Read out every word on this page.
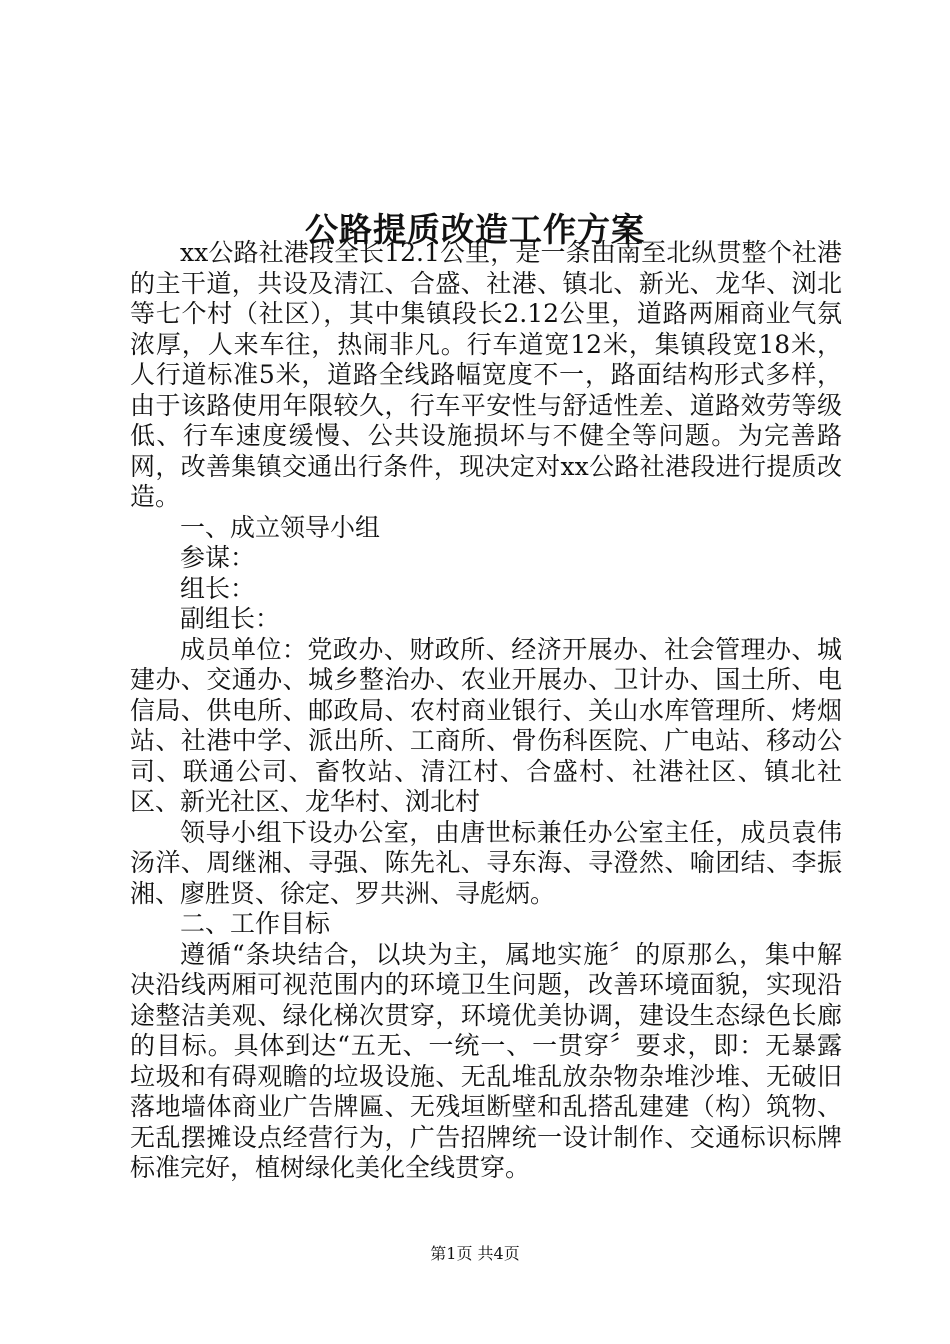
公路提质改造工作方案

xx公路社港段全长12.1公里，是一条由南至北纵贯整个社港的主干道，共设及清江、合盛、社港、镇北、新光、龙华、浏北等七个村（社区），其中集镇段长2.12公里，道路两厢商业气氛浓厚，人来车往，热闹非凡。行车道宽12米，集镇段宽18米，人行道标准5米，道路全线路幅宽度不一，路面结构形式多样，由于该路使用年限较久，行车平安性与舒适性差、道路效劳等级低、行车速度缓慢、公共设施损坏与不健全等问题。为完善路网，改善集镇交通出行条件，现决定对xx公路社港段进行提质改造。

一、成立领导小组

参谋：

组长：

副组长：

成员单位：党政办、财政所、经济开展办、社会管理办、城建办、交通办、城乡整治办、农业开展办、卫计办、国土所、电信局、供电所、邮政局、农村商业银行、关山水库管理所、烤烟站、社港中学、派出所、工商所、骨伤科医院、广电站、移动公司、联通公司、畜牧站、清江村、合盛村、社港社区、镇北社区、新光社区、龙华村、浏北村

领导小组下设办公室，由唐世标兼任办公室主任，成员袁伟汤洋、周继湘、寻强、陈先礼、寻东海、寻澄然、喻团结、李振湘、廖胜贤、徐定、罗共洲、寻彪炳。

二、工作目标

遵循“条块结合，以块为主，属地实施〞的原那么，集中解决沿线两厢可视范围内的环境卫生问题，改善环境面貌，实现沿途整洁美观、绿化梯次贯穿，环境优美协调，建设生态绿色长廊的目标。具体到达“五无、一统一、一贯穿〞要求，即：无暴露垃圾和有碍观瞻的垃圾设施、无乱堆乱放杂物杂堆沙堆、无破旧落地墙体商业广告牌匾、无残垣断壁和乱搭乱建建（构）筑物、无乱摆摊设点经营行为，广告招牌统一设计制作、交通标识标牌标准完好，植树绿化美化全线贯穿。

第1页 共4页
